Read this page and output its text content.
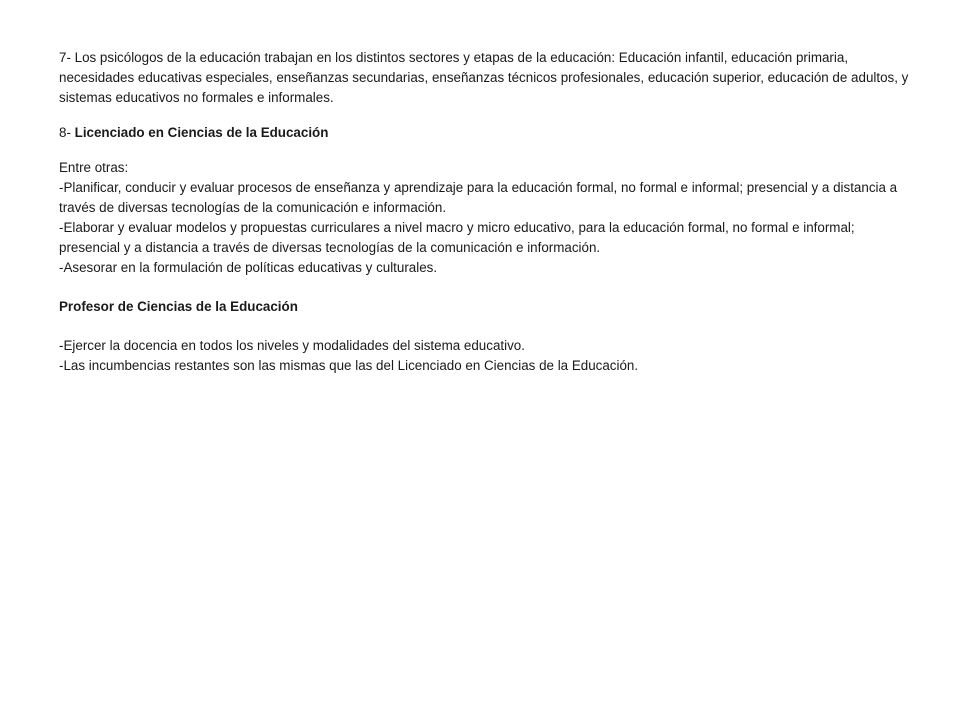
7- Los psicólogos de la educación trabajan en los distintos sectores y etapas de la educación: Educación infantil, educación primaria, necesidades educativas especiales, enseñanzas secundarias, enseñanzas técnicos profesionales, educación superior, educación de adultos, y sistemas educativos no formales e informales.

8- Licenciado en Ciencias de la Educación

Entre otras:
-Planificar, conducir y evaluar procesos de enseñanza y aprendizaje para la educación formal, no formal e informal; presencial y a distancia a través de diversas tecnologías de la comunicación e información.
-Elaborar y evaluar modelos y propuestas curriculares a nivel macro y micro educativo, para la educación formal, no formal e informal; presencial y a distancia a través de diversas tecnologías de la comunicación e información.
-Asesorar en la formulación de políticas educativas y culturales.

Profesor de Ciencias de la Educación

-Ejercer la docencia en todos los niveles y modalidades del sistema educativo.
-Las incumbencias restantes son las mismas que las del Licenciado en Ciencias de la Educación.
